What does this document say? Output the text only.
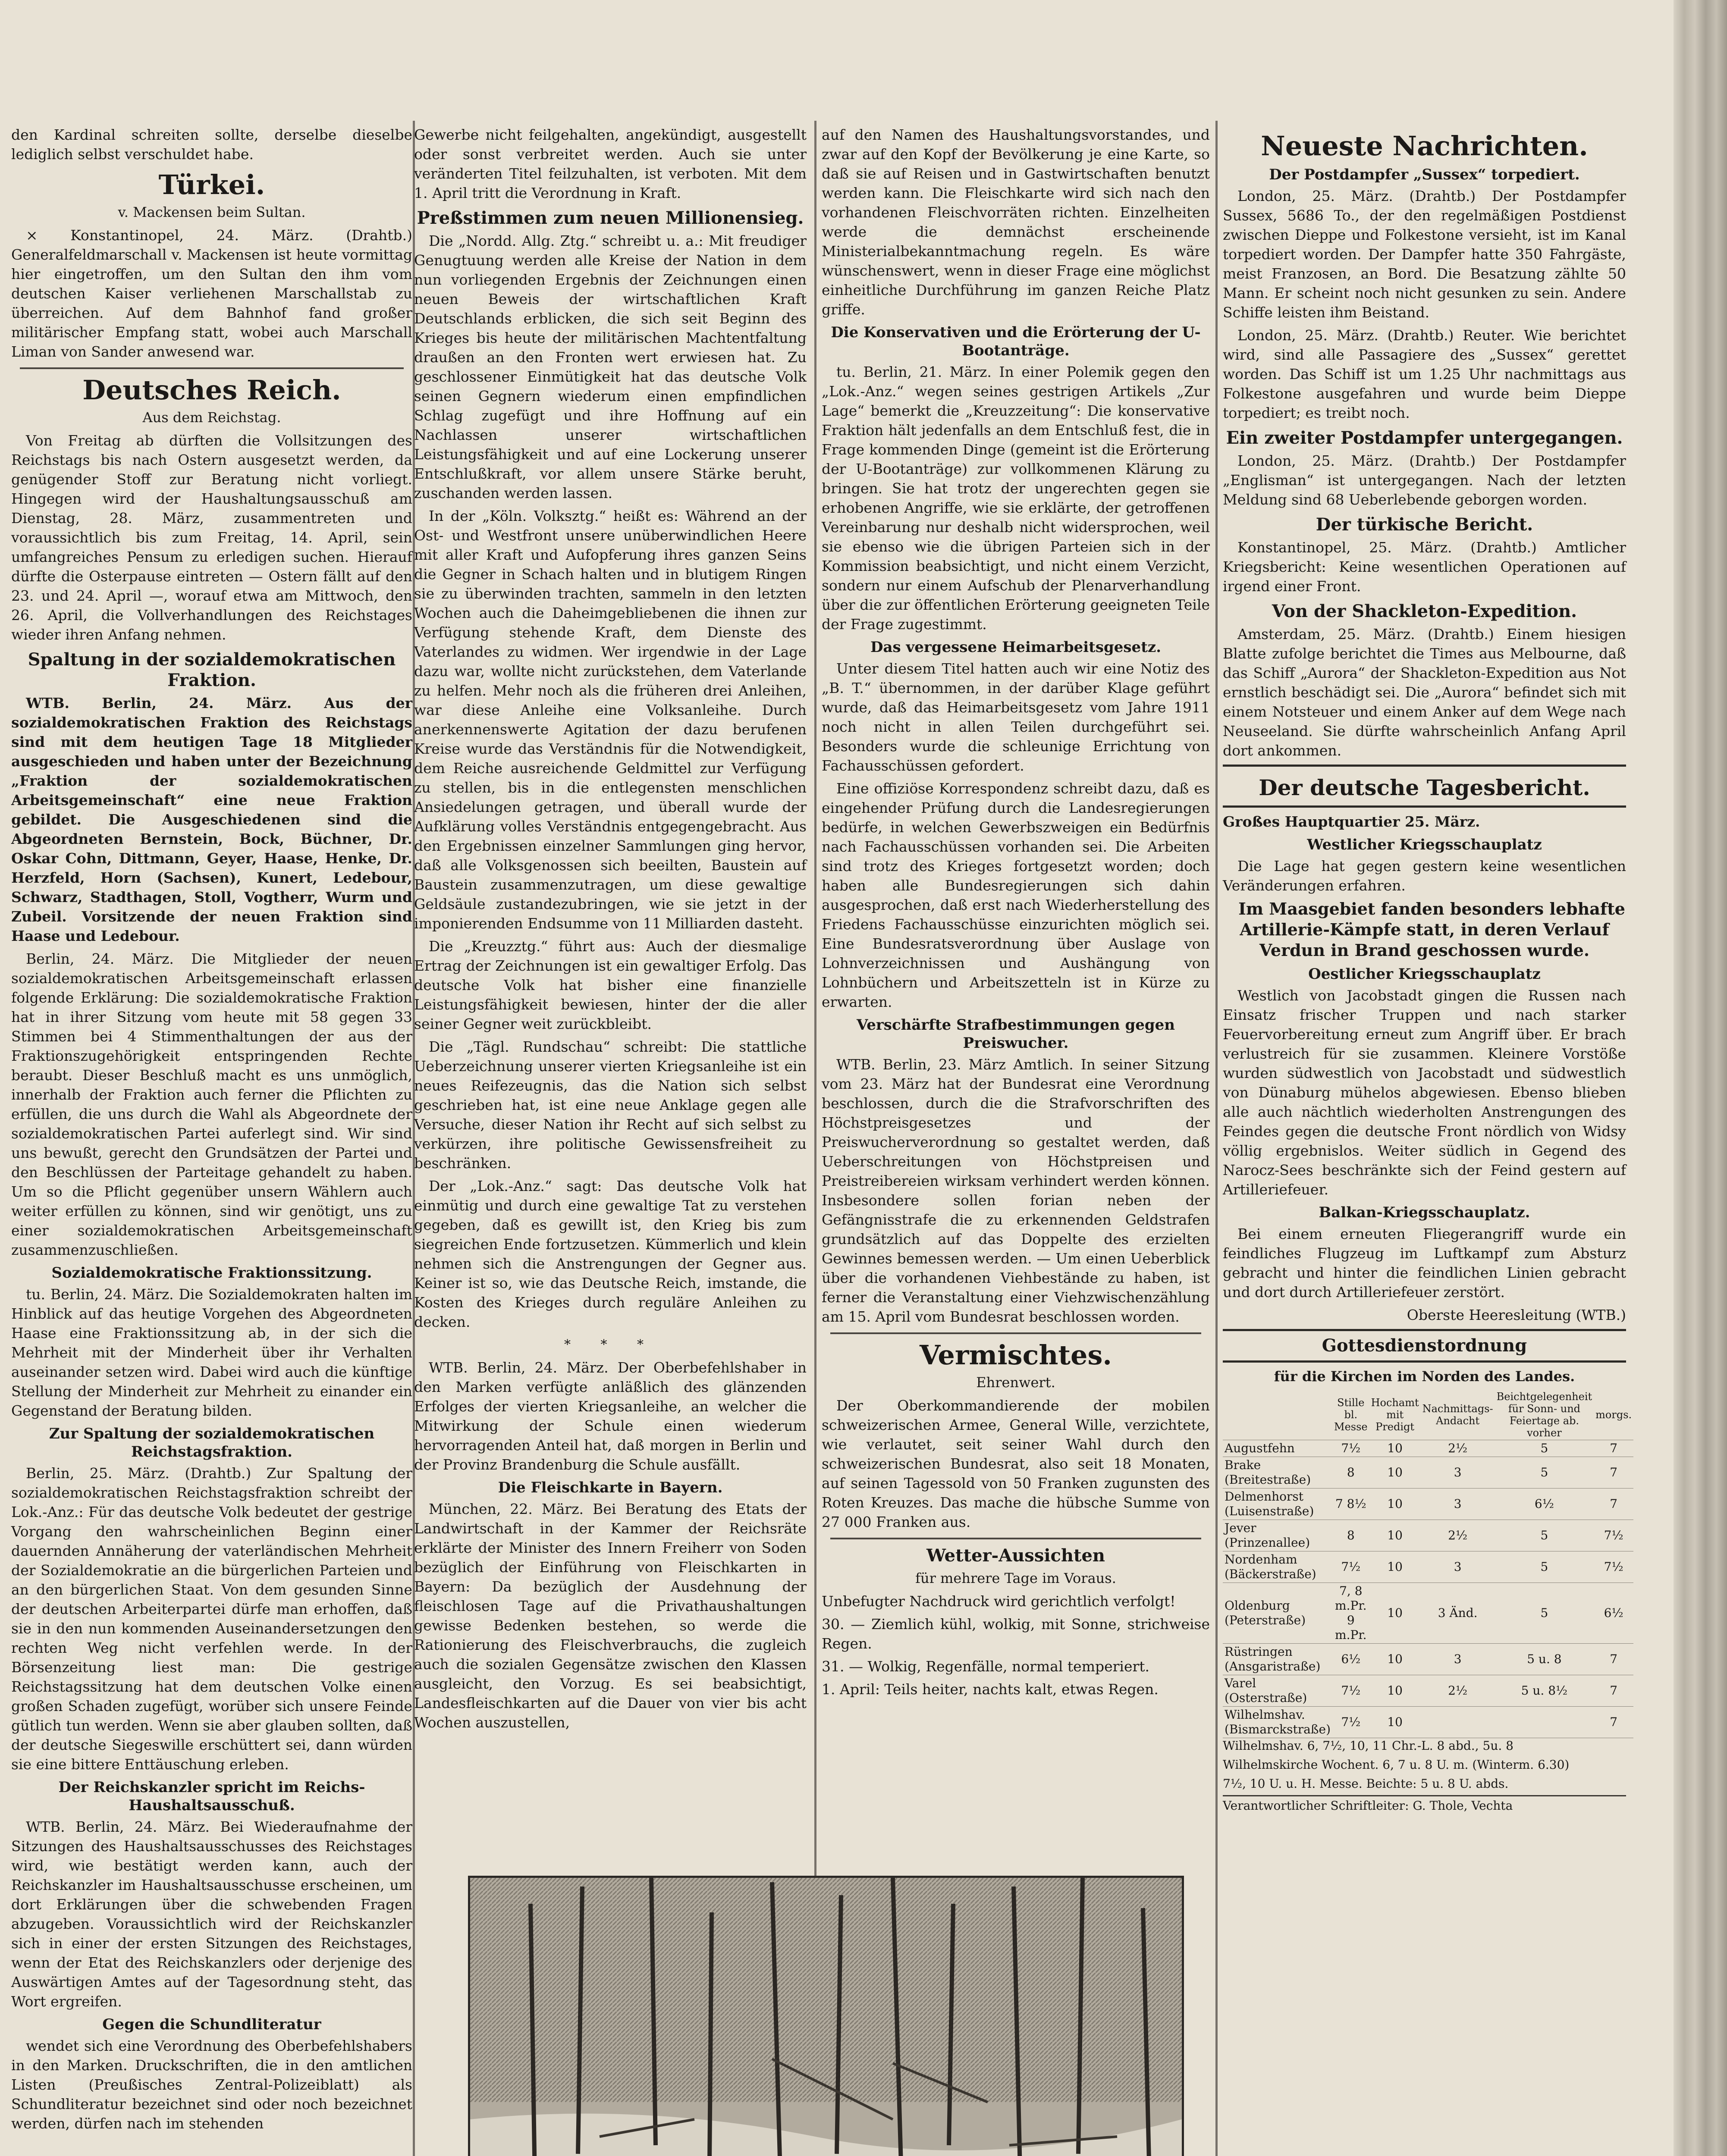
den Kardinal schreiten sollte, derselbe dieselbe lediglich selbst verschuldet habe.

Türkei.
v. Mackensen beim Sultan.

× Konstantinopel, 24. März. (Drahtb.) Generalfeldmarschall v. Mackensen ist heute vormittag hier eingetroffen, um den Sultan den ihm vom deutschen Kaiser verliehenen Marschallstab zu überreichen. Auf dem Bahnhof fand großer militärischer Empfang statt, wobei auch Marschall Liman von Sander anwesend war.

Deutsches Reich.
Aus dem Reichstag.

Von Freitag ab dürften die Vollsitzungen des Reichstags bis nach Ostern ausgesetzt werden, da genügender Stoff zur Beratung nicht vorliegt. Hingegen wird der Haushaltungsausschuß am Dienstag, 28. März, zusammentreten und voraussichtlich bis zum Freitag, 14. April, sein umfangreiches Pensum zu erledigen suchen. Hierauf dürfte die Osterpause eintreten — Ostern fällt auf den 23. und 24. April —, worauf etwa am Mittwoch, den 26. April, die Vollverhandlungen des Reichstages wieder ihren Anfang nehmen.

Spaltung in der sozialdemokratischen Fraktion.

WTB. Berlin, 24. März. Aus der sozialdemokratischen Fraktion des Reichstags sind mit dem heutigen Tage 18 Mitglieder ausgeschieden und haben unter der Bezeichnung „Fraktion der sozialdemokratischen Arbeitsgemeinschaft“ eine neue Fraktion gebildet. Die Ausgeschiedenen sind die Abgeordneten Bernstein, Bock, Büchner, Dr. Oskar Cohn, Dittmann, Geyer, Haase, Henke, Dr. Herzfeld, Horn (Sachsen), Kunert, Ledebour, Schwarz, Stadthagen, Stoll, Vogtherr, Wurm und Zubeil. Vorsitzende der neuen Fraktion sind Haase und Ledebour.

Berlin, 24. März. Die Mitglieder der neuen sozialdemokratischen Arbeitsgemeinschaft erlassen folgende Erklärung: Die sozialdemokratische Fraktion hat in ihrer Sitzung vom heute mit 58 gegen 33 Stimmen bei 4 Stimmenthaltungen der aus der Fraktionszugehörigkeit entspringenden Rechte beraubt. Dieser Beschluß macht es uns unmöglich, innerhalb der Fraktion auch ferner die Pflichten zu erfüllen, die uns durch die Wahl als Abgeordnete der sozialdemokratischen Partei auferlegt sind. Wir sind uns bewußt, gerecht den Grundsätzen der Partei und den Beschlüssen der Parteitage gehandelt zu haben. Um so die Pflicht gegenüber unsern Wählern auch weiter erfüllen zu können, sind wir genötigt, uns zu einer sozialdemokratischen Arbeitsgemeinschaft zusammenzuschließen.

Sozialdemokratische Fraktionssitzung.

tu. Berlin, 24. März. Die Sozialdemokraten halten im Hinblick auf das heutige Vorgehen des Abgeordneten Haase eine Fraktionssitzung ab, in der sich die Mehrheit mit der Minderheit über ihr Verhalten auseinander setzen wird. Dabei wird auch die künftige Stellung der Minderheit zur Mehrheit zu einander ein Gegenstand der Beratung bilden.

Zur Spaltung der sozialdemokratischen Reichstagsfraktion.

Berlin, 25. März. (Drahtb.) Zur Spaltung der sozialdemokratischen Reichstagsfraktion schreibt der Lok.-Anz.: Für das deutsche Volk bedeutet der gestrige Vorgang den wahrscheinlichen Beginn einer dauernden Annäherung der vaterländischen Mehrheit der Sozialdemokratie an die bürgerlichen Parteien und an den bürgerlichen Staat. Von dem gesunden Sinne der deutschen Arbeiterpartei dürfe man erhoffen, daß sie in den nun kommenden Auseinandersetzungen den rechten Weg nicht verfehlen werde. In der Börsenzeitung liest man: Die gestrige Reichstagssitzung hat dem deutschen Volke einen großen Schaden zugefügt, worüber sich unsere Feinde gütlich tun werden. Wenn sie aber glauben sollten, daß der deutsche Siegeswille erschüttert sei, dann würden sie eine bittere Enttäuschung erleben.

Der Reichskanzler spricht im Reichs-Haushaltsausschuß.

WTB. Berlin, 24. März. Bei Wiederaufnahme der Sitzungen des Haushaltsausschusses des Reichstages wird, wie bestätigt werden kann, auch der Reichskanzler im Haushaltsausschusse erscheinen, um dort Erklärungen über die schwebenden Fragen abzugeben. Voraussichtlich wird der Reichskanzler sich in einer der ersten Sitzungen des Reichstages, wenn der Etat des Reichskanzlers oder derjenige des Auswärtigen Amtes auf der Tagesordnung steht, das Wort ergreifen.

Gegen die Schundliteratur

wendet sich eine Verordnung des Oberbefehlshabers in den Marken. Druckschriften, die in den amtlichen Listen (Preußisches Zentral-Polizeiblatt) als Schundliteratur bezeichnet sind oder noch bezeichnet werden, dürfen nach im stehenden

Gewerbe nicht feilgehalten, angekündigt, ausgestellt oder sonst verbreitet werden. Auch sie unter veränderten Titel feilzuhalten, ist verboten. Mit dem 1. April tritt die Verordnung in Kraft.

Preßstimmen zum neuen Millionensieg.

Die „Nordd. Allg. Ztg.“ schreibt u. a.: Mit freudiger Genugtuung werden alle Kreise der Nation in dem nun vorliegenden Ergebnis der Zeichnungen einen neuen Beweis der wirtschaftlichen Kraft Deutschlands erblicken, die sich seit Beginn des Krieges bis heute der militärischen Machtentfaltung draußen an den Fronten wert erwiesen hat. Zu geschlossener Einmütigkeit hat das deutsche Volk seinen Gegnern wiederum einen empfindlichen Schlag zugefügt und ihre Hoffnung auf ein Nachlassen unserer wirtschaftlichen Leistungsfähigkeit und auf eine Lockerung unserer Entschlußkraft, vor allem unsere Stärke beruht, zuschanden werden lassen.

In der „Köln. Volksztg.“ heißt es: Während an der Ost- und Westfront unsere unüberwindlichen Heere mit aller Kraft und Aufopferung ihres ganzen Seins die Gegner in Schach halten und in blutigem Ringen sie zu überwinden trachten, sammeln in den letzten Wochen auch die Daheimgebliebenen die ihnen zur Verfügung stehende Kraft, dem Dienste des Vaterlandes zu widmen. Wer irgendwie in der Lage dazu war, wollte nicht zurückstehen, dem Vaterlande zu helfen. Mehr noch als die früheren drei Anleihen, war diese Anleihe eine Volksanleihe. Durch anerkennenswerte Agitation der dazu berufenen Kreise wurde das Verständnis für die Notwendigkeit, dem Reiche ausreichende Geldmittel zur Verfügung zu stellen, bis in die entlegensten menschlichen Ansiedelungen getragen, und überall wurde der Aufklärung volles Verständnis entgegengebracht. Aus den Ergebnissen einzelner Sammlungen ging hervor, daß alle Volksgenossen sich beeilten, Baustein auf Baustein zusammenzutragen, um diese gewaltige Geldsäule zustandezubringen, wie sie jetzt in der imponierenden Endsumme von 11 Milliarden dasteht.

Die „Kreuzztg.“ führt aus: Auch der diesmalige Ertrag der Zeichnungen ist ein gewaltiger Erfolg. Das deutsche Volk hat bisher eine finanzielle Leistungsfähigkeit bewiesen, hinter der die aller seiner Gegner weit zurückbleibt.

Die „Tägl. Rundschau“ schreibt: Die stattliche Ueberzeichnung unserer vierten Kriegsanleihe ist ein neues Reifezeugnis, das die Nation sich selbst geschrieben hat, ist eine neue Anklage gegen alle Versuche, dieser Nation ihr Recht auf sich selbst zu verkürzen, ihre politische Gewissensfreiheit zu beschränken.

Der „Lok.-Anz.“ sagt: Das deutsche Volk hat einmütig und durch eine gewaltige Tat zu verstehen gegeben, daß es gewillt ist, den Krieg bis zum siegreichen Ende fortzusetzen. Kümmerlich und klein nehmen sich die Anstrengungen der Gegner aus. Keiner ist so, wie das Deutsche Reich, imstande, die Kosten des Krieges durch reguläre Anleihen zu decken.

* * *

WTB. Berlin, 24. März. Der Oberbefehlshaber in den Marken verfügte anläßlich des glänzenden Erfolges der vierten Kriegsanleihe, an welcher die Mitwirkung der Schule einen wiederum hervorragenden Anteil hat, daß morgen in Berlin und der Provinz Brandenburg die Schule ausfällt.

Die Fleischkarte in Bayern.

München, 22. März. Bei Beratung des Etats der Landwirtschaft in der Kammer der Reichsräte erklärte der Minister des Innern Freiherr von Soden bezüglich der Einführung von Fleischkarten in Bayern: Da bezüglich der Ausdehnung der fleischlosen Tage auf die Privathaushaltungen gewisse Bedenken bestehen, so werde die Rationierung des Fleischverbrauchs, die zugleich auch die sozialen Gegensätze zwischen den Klassen ausgleicht, den Vorzug. Es sei beabsichtigt, Landesfleischkarten auf die Dauer von vier bis acht Wochen auszustellen,

auf den Namen des Haushaltungsvorstandes, und zwar auf den Kopf der Bevölkerung je eine Karte, so daß sie auf Reisen und in Gastwirtschaften benutzt werden kann. Die Fleischkarte wird sich nach den vorhandenen Fleischvorräten richten. Einzelheiten werde die demnächst erscheinende Ministerialbekanntmachung regeln. Es wäre wünschenswert, wenn in dieser Frage eine möglichst einheitliche Durchführung im ganzen Reiche Platz griffe.

Die Konservativen und die Erörterung der U-Bootanträge.

tu. Berlin, 21. März. In einer Polemik gegen den „Lok.-Anz.“ wegen seines gestrigen Artikels „Zur Lage“ bemerkt die „Kreuzzeitung“: Die konservative Fraktion hält jedenfalls an dem Entschluß fest, die in Frage kommenden Dinge (gemeint ist die Erörterung der U-Bootanträge) zur vollkommenen Klärung zu bringen. Sie hat trotz der ungerechten gegen sie erhobenen Angriffe, wie sie erklärte, der getroffenen Vereinbarung nur deshalb nicht widersprochen, weil sie ebenso wie die übrigen Parteien sich in der Kommission beabsichtigt, und nicht einem Verzicht, sondern nur einem Aufschub der Plenarverhandlung über die zur öffentlichen Erörterung geeigneten Teile der Frage zugestimmt.

Das vergessene Heimarbeitsgesetz.

Unter diesem Titel hatten auch wir eine Notiz des „B. T.“ übernommen, in der darüber Klage geführt wurde, daß das Heimarbeitsgesetz vom Jahre 1911 noch nicht in allen Teilen durchgeführt sei. Besonders wurde die schleunige Errichtung von Fachausschüssen gefordert.

Eine offiziöse Korrespondenz schreibt dazu, daß es eingehender Prüfung durch die Landesregierungen bedürfe, in welchen Gewerbszweigen ein Bedürfnis nach Fachausschüssen vorhanden sei. Die Arbeiten sind trotz des Krieges fortgesetzt worden; doch haben alle Bundesregierungen sich dahin ausgesprochen, daß erst nach Wiederherstellung des Friedens Fachausschüsse einzurichten möglich sei. Eine Bundesratsverordnung über Auslage von Lohnverzeichnissen und Aushängung von Lohnbüchern und Arbeitszetteln ist in Kürze zu erwarten.

Verschärfte Strafbestimmungen gegen Preiswucher.

WTB. Berlin, 23. März Amtlich. In seiner Sitzung vom 23. März hat der Bundesrat eine Verordnung beschlossen, durch die die Strafvorschriften des Höchstpreisgesetzes und der Preiswucherverordnung so gestaltet werden, daß Ueberschreitungen von Höchstpreisen und Preistreibereien wirksam verhindert werden können. Insbesondere sollen forian neben der Gefängnisstrafe die zu erkennenden Geldstrafen grundsätzlich auf das Doppelte des erzielten Gewinnes bemessen werden. — Um einen Ueberblick über die vorhandenen Viehbestände zu haben, ist ferner die Veranstaltung einer Viehzwischenzählung am 15. April vom Bundesrat beschlossen worden.

Vermischtes.
Ehrenwert.

Der Oberkommandierende der mobilen schweizerischen Armee, General Wille, verzichtete, wie verlautet, seit seiner Wahl durch den schweizerischen Bundesrat, also seit 18 Monaten, auf seinen Tagessold von 50 Franken zugunsten des Roten Kreuzes. Das mache die hübsche Summe von 27 000 Franken aus.

Wetter-Aussichten
für mehrere Tage im Voraus.

Unbefugter Nachdruck wird gerichtlich verfolgt!

30. — Ziemlich kühl, wolkig, mit Sonne, strichweise Regen.

31. — Wolkig, Regenfälle, normal temperiert.

1. April: Teils heiter, nachts kalt, etwas Regen.

Neueste Nachrichten.
Der Postdampfer „Sussex“ torpediert.

London, 25. März. (Drahtb.) Der Postdampfer Sussex, 5686 To., der den regelmäßigen Postdienst zwischen Dieppe und Folkestone versieht, ist im Kanal torpediert worden. Der Dampfer hatte 350 Fahrgäste, meist Franzosen, an Bord. Die Besatzung zählte 50 Mann. Er scheint noch nicht gesunken zu sein. Andere Schiffe leisten ihm Beistand.

London, 25. März. (Drahtb.) Reuter. Wie berichtet wird, sind alle Passagiere des „Sussex“ gerettet worden. Das Schiff ist um 1.25 Uhr nachmittags aus Folkestone ausgefahren und wurde beim Dieppe torpediert; es treibt noch.

Ein zweiter Postdampfer untergegangen.

London, 25. März. (Drahtb.) Der Postdampfer „Englisman“ ist untergegangen. Nach der letzten Meldung sind 68 Ueberlebende geborgen worden.

Der türkische Bericht.

Konstantinopel, 25. März. (Drahtb.) Amtlicher Kriegsbericht: Keine wesentlichen Operationen auf irgend einer Front.

Von der Shackleton-Expedition.

Amsterdam, 25. März. (Drahtb.) Einem hiesigen Blatte zufolge berichtet die Times aus Melbourne, daß das Schiff „Aurora“ der Shackleton-Expedition aus Not ernstlich beschädigt sei. Die „Aurora“ befindet sich mit einem Notsteuer und einem Anker auf dem Wege nach Neuseeland. Sie dürfte wahrscheinlich Anfang April dort ankommen.

Der deutsche Tagesbericht.

Großes Hauptquartier 25. März.

Westlicher Kriegsschauplatz

Die Lage hat gegen gestern keine wesentlichen Veränderungen erfahren.

Im Maasgebiet fanden besonders lebhafte Artillerie-Kämpfe statt, in deren Verlauf Verdun in Brand geschossen wurde.

Oestlicher Kriegsschauplatz

Westlich von Jacobstadt gingen die Russen nach Einsatz frischer Truppen und nach starker Feuervorbereitung erneut zum Angriff über. Er brach verlustreich für sie zusammen. Kleinere Vorstöße wurden südwestlich von Jacobstadt und südwestlich von Dünaburg mühelos abgewiesen. Ebenso blieben alle auch nächtlich wiederholten Anstrengungen des Feindes gegen die deutsche Front nördlich von Widsy völlig ergebnislos. Weiter südlich in Gegend des Narocz-Sees beschränkte sich der Feind gestern auf Artilleriefeuer.

Balkan-Kriegsschauplatz.

Bei einem erneuten Fliegerangriff wurde ein feindliches Flugzeug im Luftkampf zum Absturz gebracht und hinter die feindlichen Linien gebracht und dort durch Artilleriefeuer zerstört.

Oberste Heeresleitung (WTB.)

Gottesdienstordnung
für die Kirchen im Norden des Landes.
	Stille bl. Messe	Hochamt mit Predigt	Nachmittags-Andacht	Beichtgelegenheit für Sonn- und Feiertage ab. vorher	morgs.
Augustfehn	7½	10	2½	5	7
Brake (Breitestraße)	8	10	3	5	7
Delmenhorst (Luisenstraße)	7 8½	10	3	6½	7
Jever (Prinzenallee)	8	10	2½	5	7½
Nordenham (Bäckerstraße)	7½	10	3	5	7½
Oldenburg (Peterstraße)	7, 8 m.Pr. 9 m.Pr.	10	3 Änd.	5	6½
Rüstringen (Ansgaristraße)	6½	10	3	5 u. 8	7
Varel (Osterstraße)	7½	10	2½	5 u. 8½	7
Wilhelmshav. (Bismarckstraße)	7½	10			7

Wilhelmshav. 6, 7½, 10, 11 Chr.-L. 8 abd., 5u. 8

Wilhelmskirche Wochent. 6, 7 u. 8 U. m. (Winterm. 6.30)

7½, 10 U. u. H. Messe. Beichte: 5 u. 8 U. abds.

Verantwortlicher Schriftleiter: G. Thole, Vechta
